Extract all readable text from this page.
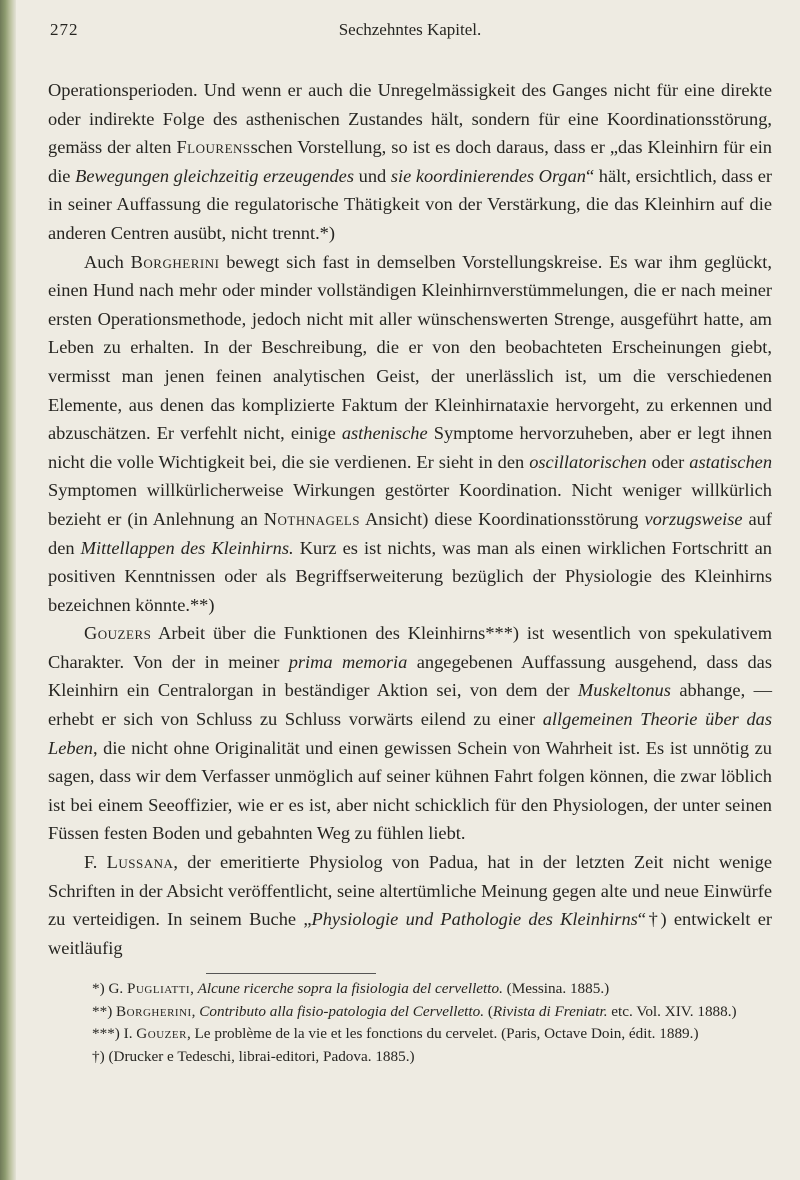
272	Sechzehntes Kapitel.

Operationsperioden. Und wenn er auch die Unregelmässigkeit des Ganges nicht für eine direkte oder indirekte Folge des asthenischen Zustandes hält, sondern für eine Koordinationsstörung, gemäss der alten Flourensschen Vorstellung, so ist es doch daraus, dass er „das Kleinhirn für ein die Bewegungen gleichzeitig erzeugendes und sie koordinierendes Organ“ hält, ersichtlich, dass er in seiner Auffassung die regulatorische Thätigkeit von der Verstärkung, die das Kleinhirn auf die anderen Centren ausübt, nicht trennt.*)

Auch Borgherini bewegt sich fast in demselben Vorstellungskreise. Es war ihm geglückt, einen Hund nach mehr oder minder vollständigen Kleinhirnverstümmelungen, die er nach meiner ersten Operationsmethode, jedoch nicht mit aller wünschenswerten Strenge, ausgeführt hatte, am Leben zu erhalten. In der Beschreibung, die er von den beobachteten Erscheinungen giebt, vermisst man jenen feinen analytischen Geist, der unerlässlich ist, um die verschiedenen Elemente, aus denen das komplizierte Faktum der Kleinhirnataxie hervorgeht, zu erkennen und abzuschätzen. Er verfehlt nicht, einige asthenische Symptome hervorzuheben, aber er legt ihnen nicht die volle Wichtigkeit bei, die sie verdienen. Er sieht in den oscillatorischen oder astatischen Symptomen willkürlicherweise Wirkungen gestörter Koordination. Nicht weniger willkürlich bezieht er (in Anlehnung an Nothnagels Ansicht) diese Koordinationsstörung vorzugsweise auf den Mittellappen des Kleinhirns. Kurz es ist nichts, was man als einen wirklichen Fortschritt an positiven Kenntnissen oder als Begriffserweiterung bezüglich der Physiologie des Kleinhirns bezeichnen könnte.**)

Gouzers Arbeit über die Funktionen des Kleinhirns***) ist wesentlich von spekulativem Charakter. Von der in meiner prima memoria angegebenen Auffassung ausgehend, dass das Kleinhirn ein Centralorgan in beständiger Aktion sei, von dem der Muskeltonus abhange, — erhebt er sich von Schluss zu Schluss vorwärts eilend zu einer allgemeinen Theorie über das Leben, die nicht ohne Originalität und einen gewissen Schein von Wahrheit ist. Es ist unnötig zu sagen, dass wir dem Verfasser unmöglich auf seiner kühnen Fahrt folgen können, die zwar löblich ist bei einem Seeoffizier, wie er es ist, aber nicht schicklich für den Physiologen, der unter seinen Füssen festen Boden und gebahnten Weg zu fühlen liebt.

F. Lussana, der emeritierte Physiolog von Padua, hat in der letzten Zeit nicht wenige Schriften in der Absicht veröffentlicht, seine altertümliche Meinung gegen alte und neue Einwürfe zu verteidigen. In seinem Buche „Physiologie und Pathologie des Kleinhirns“†) entwickelt er weitläufig

*) G. Pugliatti, Alcune ricerche sopra la fisiologia del cervelletto. (Messina. 1885.)

**) Borgherini, Contributo alla fisio-patologia del Cervelletto. (Rivista di Freniatr. etc. Vol. XIV. 1888.)

***) I. Gouzer, Le problème de la vie et les fonctions du cervelet. (Paris, Octave Doin, édit. 1889.)

†) (Drucker e Tedeschi, librai-editori, Padova. 1885.)
